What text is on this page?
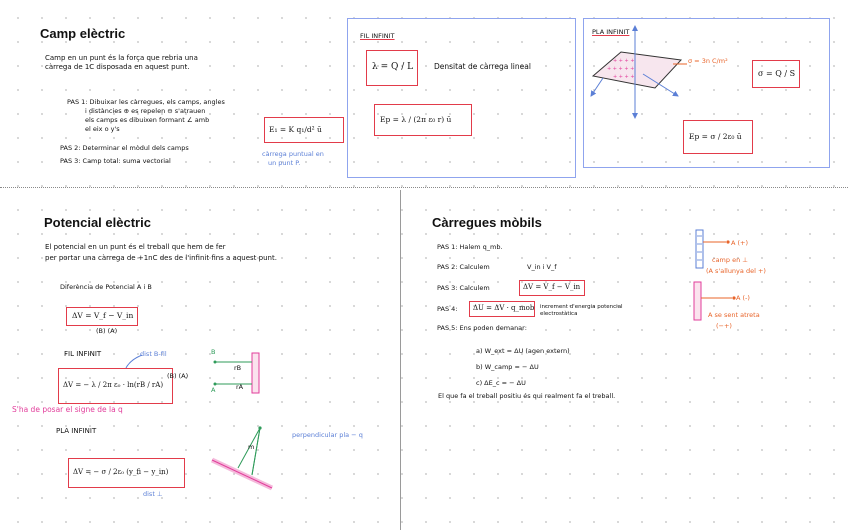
Camp elèctric
Camp en un punt és la força que rebria una
càrrega de 1C disposada en aquest punt.
PAS 1: Dibuixar les càrregues, els camps, angles
i distàncies ⊕ es repelen ⊖ s'atrauen
els camps es dibuixen formant ∠ amb
el eix o y's
PAS 2: Determinar el mòdul dels camps
PAS 3: Camp total: suma vectorial
E₁ = K q₁/d² ū
càrrega puntual en
un punt P.
FIL INFINIT
λ = Q / L	Densitat de càrrega lineal
Ep = λ / (2π ε₀ r) ū
PLA INFINIT
+ + + +
+ + + + +
+ + + +
σ = 3n C/m²
σ = Q / S
Ep = σ / 2ε₀ ū
Potencial elèctric
El potencial en un punt és el treball que hem de fer
per portar una càrrega de +1nC des de l'infinit fins a aquest punt.
Diferència de Potencial A i B
ΔV = V_f − V_in
(B) (A)
FIL INFINIT	dist B-fil
ΔV = − λ / 2π ε₀ · ln(rB / rA)
(B) (A)
S'ha de posar el signe de la q
PLA INFINIT	perpendicular pla − q
ΔV = − σ / 2ε₀ (y_fi − y_in)
dist ⊥
B
A
rB
rA
m
Càrregues mòbils
PAS 1: Halem q_mb.
PAS 2: Calculem	V_in i V_f
PAS 3: Calculem	ΔV = V_f − V_in
PAS 4: ΔU = ΔV · q_mob increment d'energia potencial
electrostàtica
PAS 5: Ens poden demanar:
a) W_ext = ΔU (agen extern)
b) W_camp = − ΔU
c) ΔE_c = − ΔU
El que fa el treball positiu és qui realment fa el treball.
A (+)
camp en ⊥
(A s'allunya del +)
A (-)
A se sent atreta
(−+)
